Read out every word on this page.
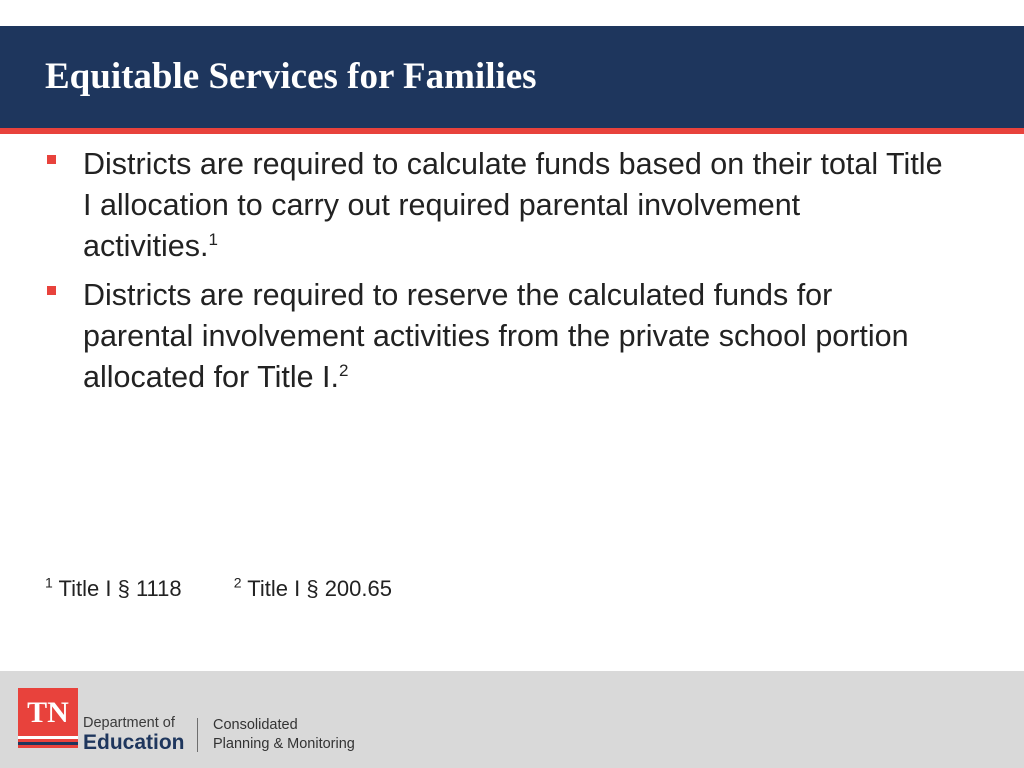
Equitable Services for Families
Districts are required to calculate funds based on their total Title I allocation to carry out required parental involvement activities.$^1$
Districts are required to reserve the calculated funds for parental involvement activities from the private school portion allocated for Title I.$^2$
$^1$ Title I § 1118	$^2$ Title I § 200.65
TN Department of
Education
Consolidated
Planning & Monitoring
